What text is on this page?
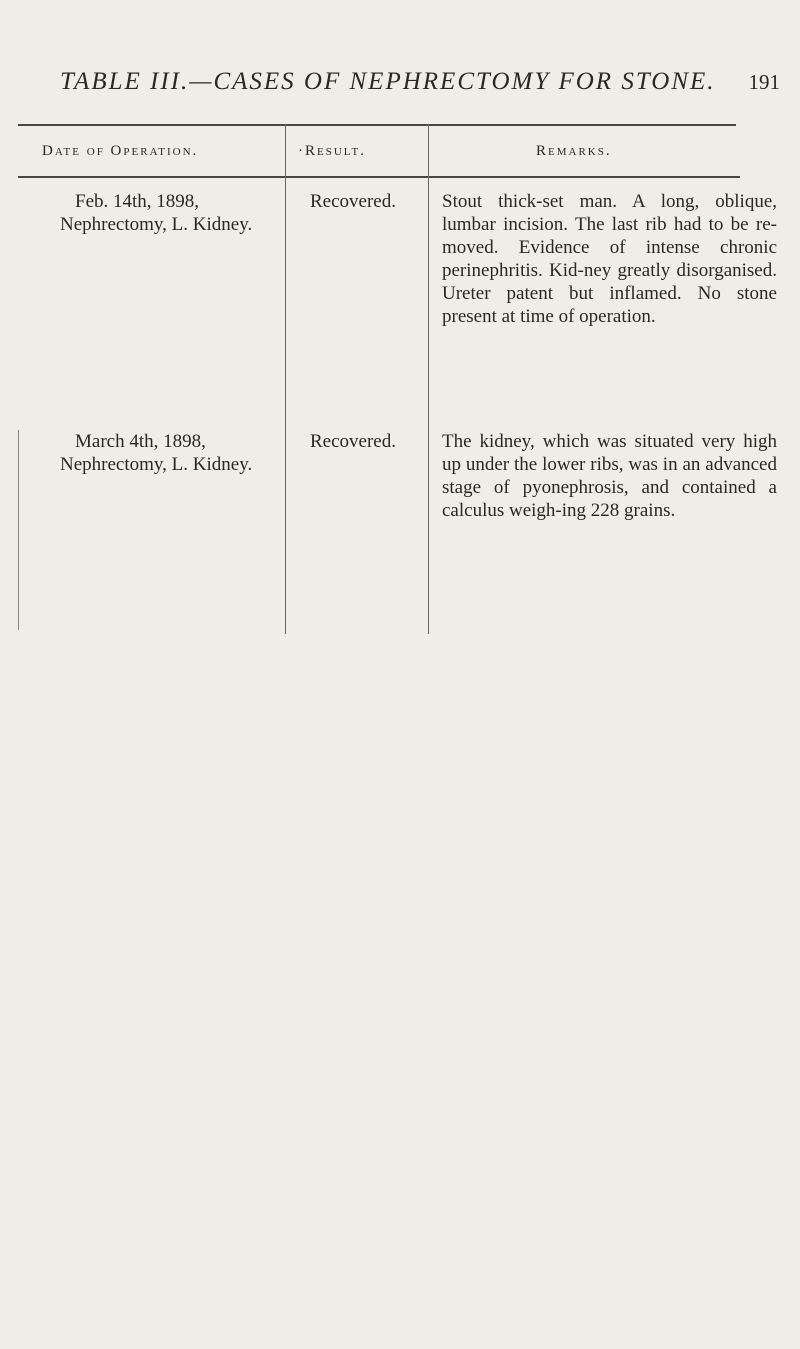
TABLE III.—CASES OF NEPHRECTOMY FOR STONE. 191
Date of Operation.	·Result.	Remarks.
Feb. 14th, 1898,
Nephrectomy, L. Kidney.
Recovered. Stout thick-set man. A long, oblique, lumbar incision. The last rib had to be re-moved. Evidence of intense chronic perinephritis. Kid-ney greatly disorganised. Ureter patent but inflamed. No stone present at time of operation.
March 4th, 1898,
Nephrectomy, L. Kidney.
Recovered. The kidney, which was situated very high up under the lower ribs, was in an advanced stage of pyonephrosis, and contained a calculus weigh-ing 228 grains.
